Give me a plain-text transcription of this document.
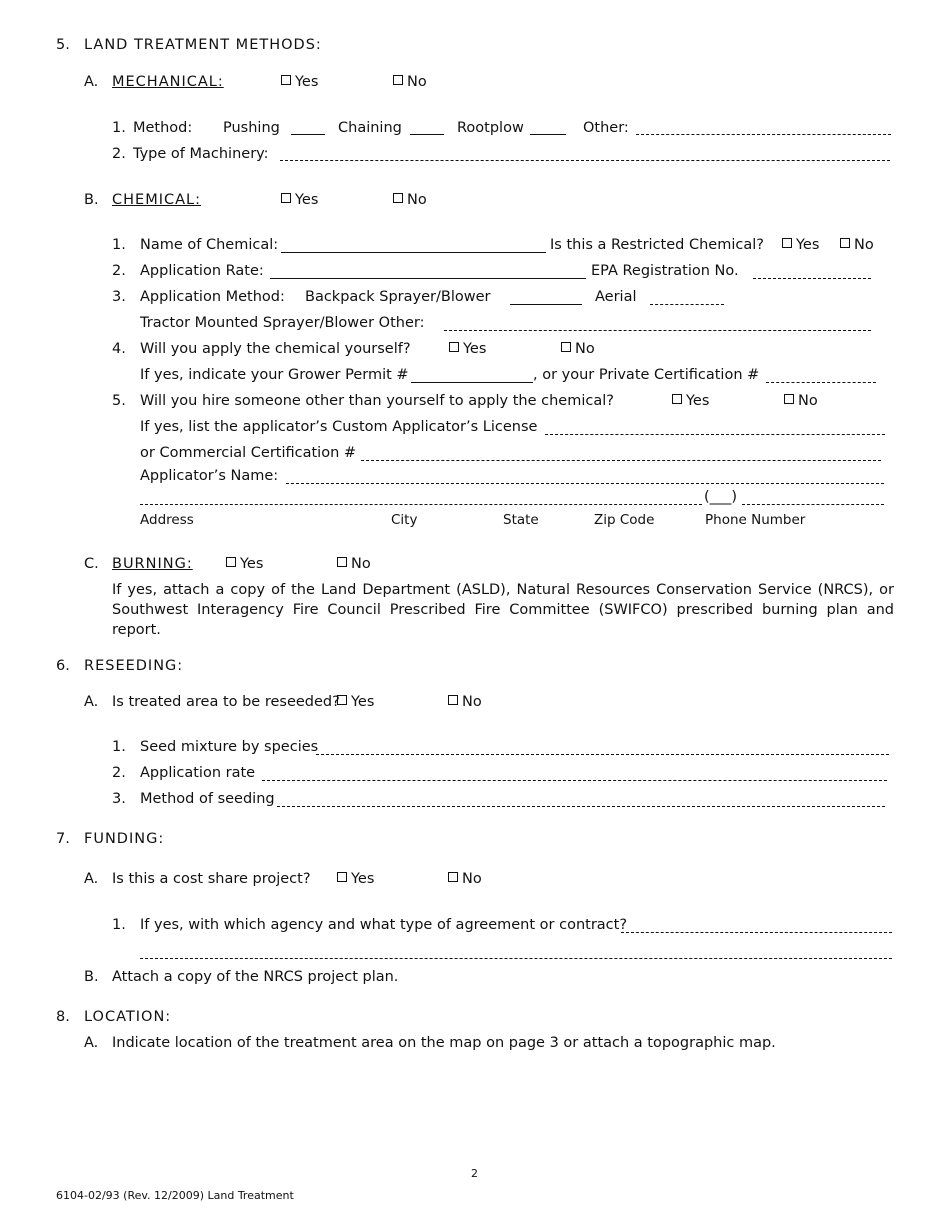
5. LAND TREATMENT METHODS:
A. MECHANICAL:	Yes	No
1. Method: Pushing	Chaining	Rootplow	Other:
2. Type of Machinery:
B. CHEMICAL:	Yes	No
1. Name of Chemical:	Is this a Restricted Chemical?	Yes	No
2. Application Rate:	EPA Registration No.
3. Application Method: Backpack Sprayer/Blower	Aerial
Tractor Mounted Sprayer/Blower Other:
4. Will you apply the chemical yourself?	Yes	No
If yes, indicate your Grower Permit #	, or your Private Certification #
5. Will you hire someone other than yourself to apply the chemical?	Yes	No
If yes, list the applicator’s Custom Applicator’s License
or Commercial Certification #
Applicator’s Name:
(___)
Address	City	State	Zip Code	Phone Number
C. BURNING:	Yes	No
If yes, attach a copy of the Land Department (ASLD), Natural Resources Conservation Service (NRCS), or Southwest Interagency Fire Council Prescribed Fire Committee (SWIFCO) prescribed burning plan and report.
6. RESEEDING:
A. Is treated area to be reseeded? Yes	No
1. Seed mixture by species
2. Application rate
3. Method of seeding
7. FUNDING:
A. Is this a cost share project?	Yes	No
1. If yes, with which agency and what type of agreement or contract?
B. Attach a copy of the NRCS project plan.
8. LOCATION:
A. Indicate location of the treatment area on the map on page 3 or attach a topographic map.
2
6104-02/93 (Rev. 12/2009) Land Treatment
